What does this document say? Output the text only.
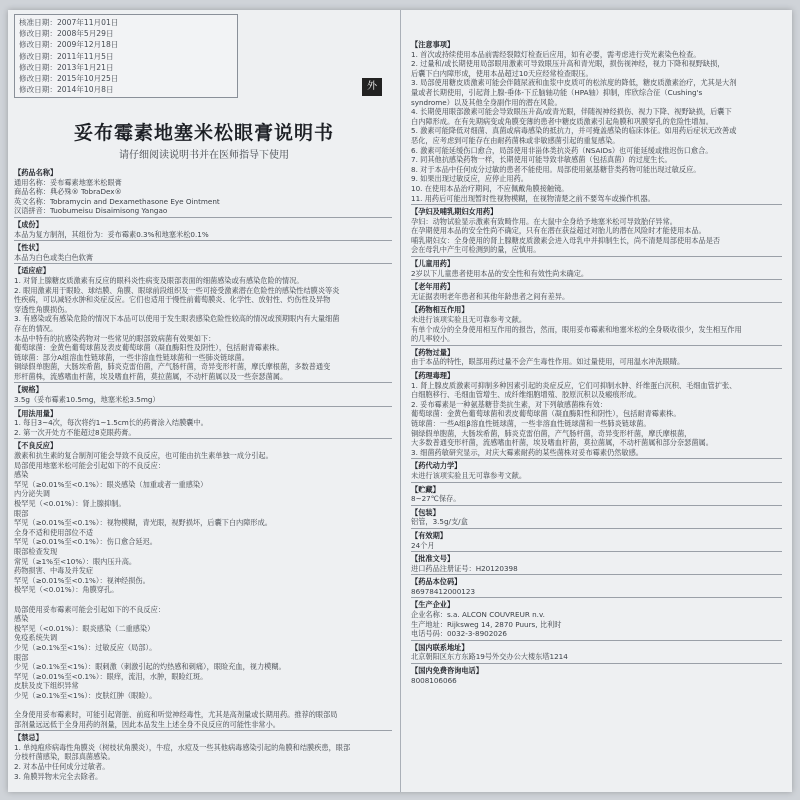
核准日期：2007年11月01日
修改日期：2008年5月29日
修改日期：2009年12月18日
修改日期：2011年11月5日
修改日期：2013年1月21日
修改日期：2015年10月25日
修改日期：2014年10月8日	外
妥布霉素地塞米松眼膏说明书
请仔细阅读说明书并在医师指导下使用
【药品名称】
通用名称：妥布霉素地塞米松眼膏
商品名称：典必殊® TobraDex®
英文名称：Tobramycin and Dexamethasone Eye Ointment
汉语拼音：Tuobumeisu Disaimisong Yangao
【成份】
本品为复方制剂，其组份为：妥布霉素0.3%和地塞米松0.1%
【性状】
本品为白色或类白色软膏
【适应症】
1. 对肾上腺糖皮质激素有反应的眼科炎性病变及眼部表面的细菌感染或有感染危险的情况。
2. 眼用激素用于眼睑、球结膜、角膜、眼球前段组织及一些可接受激素潜在危险性的感染性结膜炎等炎
性疾病，可以减轻水肿和炎症反应。它们也适用于慢性前葡萄膜炎、化学性、放射性、灼伤性及异物
穿透性角膜损伤。
3. 有感染或有感染危险的情况下本品可以使用于发生眼表感染危险性较高的情况或预期眼内有大量细菌
存在的情况。
本品中特有的抗感染药物对一些常见的眼部致病菌有效果如下：
葡萄球菌：金黄色葡萄球菌及表皮葡萄球菌（凝血酶阳性及阴性），包括耐青霉素株。
链球菌：部分A组溶血性链球菌，一些非溶血性链球菌和一些肺炎链球菌。
铜绿假单胞菌，大肠埃希菌，肺炎克雷伯菌，产气肠杆菌，奇异变形杆菌，摩氏摩根菌，多数普通变
形杆菌株，流感嗜血杆菌，埃及嗜血杆菌，莫拉菌属，不动杆菌属以及一些奈瑟菌属。
【规格】
3.5g（妥布霉素10.5mg，地塞米松3.5mg）
【用法用量】
1. 每日3~4次，每次将约1~1.5cm长的药膏涂入结膜囊中。
2. 第一次开处方不能超过8克眼药膏。
【不良反应】
激素和抗生素的复合制剂可能会导致不良反应，也可能由抗生素单独一成分引起。
局部使用地塞米松可能会引起如下的不良反应：
感染
罕见（≥0.01%至<0.1%）：眼炎感染（加重或者一重感染）
内分泌失调
极罕见（<0.01%）：肾上腺抑制。
眼部
罕见（≥0.01%至<0.1%）：视物模糊，青光眼，视野损坏，后囊下白内障形成。
全身不适和使用部位不适
罕见（≥0.01%至<0.1%）：伤口愈合延迟。
眼部检查发现
常见（≥1%至<10%）：眼内压升高。
药物损害、中毒及并发症
罕见（≥0.01%至<0.1%）：视神经损伤。
极罕见（<0.01%）：角膜穿孔。

局部使用妥布霉素可能会引起如下的不良反应：
感染
极罕见（<0.01%）：眼炎感染（二重感染）
免疫系统失调
少见（≥0.1%至<1%）：过敏反应（局部）。
眼部
少见（≥0.1%至<1%）：眼刺激（刺激引起的灼热感和刺痛），眼睑充血，视力模糊。
罕见（≥0.01%至<0.1%）：眼痒，流泪，水肿，眼睑红斑。
皮肤及皮下组织异常
少见（≥0.1%至<1%）：皮肤红肿（眼睑）。

全身使用妥布霉素时，可能引起肾脏、前庭和听觉神经毒性，尤其是高剂量或长期用药。推荐的眼部局
部剂量远远低于全身用药的剂量，因此本品发生上述全身不良反应的可能性非常小。
【禁忌】
1. 单纯疱疹病毒性角膜炎（树枝状角膜炎），牛痘，水痘及一些其他病毒感染引起的角膜和结膜疾患，眼部
分枝杆菌感染，眼部真菌感染。
2. 对本品中任何成分过敏者。
3. 角膜异物未完全去除者。
【注意事项】
1. 首次或持续使用本品前需经裂隙灯检查后应用，如有必要，需考虑进行荧光素染色检查。
2. 过量和/或长期使用局部眼用激素可导致眼压升高和青光眼，损伤视神经，视力下降和视野缺损，
后囊下白内障形成，使用本品超过10天应经常检查眼压。
3. 局部使用糖皮质激素可能会伴随尿液和血浆中皮质可的松浓度的降低，糖皮质激素治疗，尤其是大剂
量或者长期使用，引起肾上腺-垂体-下丘脑轴功能（HPA轴）抑制，库欣综合征（Cushing's
syndrome）以及其他全身副作用的潜在风险。
4. 长期使用眼部激素可能会导致眼压升高/或青光眼，伴随视神经损伤、视力下降、视野缺损，后囊下
白内障形成。在有先期病变或角膜变薄的患者中糖皮质激素引起角膜和巩膜穿孔的危险性增加。
5. 激素可能降低对细菌、真菌或病毒感染的抵抗力，并可掩盖感染的临床体征。如用药后症状无改善或
恶化，应考虑到可能存在由耐药菌株或非敏感菌引起的重复感染。
6. 激素可能延缓伤口愈合，局部使用非甾体类抗炎药（NSAIDs）也可能延缓或推迟伤口愈合。
7. 同其他抗感染药物一样，长期使用可能导致非敏感菌（包括真菌）的过度生长。
8. 对于本品中任何成分过敏的患者不能使用。局部使用氨基糖苷类药物可能出现过敏反应。
9. 如果出现过敏反应，应停止用药。
10. 在使用本品治疗期间，不应佩戴角膜接触镜。
11. 用药后可能出现暂时性视物模糊，在视物清楚之前不要驾车或操作机器。
【孕妇及哺乳期妇女用药】
孕妇：动物试验显示激素有致畸作用。在大鼠中全身给予地塞米松可导致胎仔异常。
在孕期使用本品的安全性尚不确定，只有在潜在获益超过对胎儿的潜在风险时才能使用本品。
哺乳期妇女：全身使用的肾上腺糖皮质激素会进入母乳中并抑制生长，尚不清楚局部使用本品是否
会在母乳中产生可检测到的量，应慎用。
【儿童用药】
2岁以下儿童患者使用本品的安全性和有效性尚未确定。
【老年用药】
无证据表明老年患者和其他年龄患者之间有差异。
【药物相互作用】
未进行该项实验且无可靠参考文献。
有单个成分的全身使用相互作用的报告，然而，眼用妥布霉素和地塞米松的全身吸收很少，发生相互作用
的几率较小。
【药物过量】
由于本品的特性，眼部用药过量不会产生毒性作用。如过量使用，可用温水冲洗眼睛。
【药理毒理】
1. 肾上腺皮质激素可抑制多种因素引起的炎症反应，它们可抑制水肿、纤维蛋白沉积、毛细血管扩张、
白细胞移行、毛细血管增生、成纤维细胞增殖、胶原沉积以及瘢痕形成。
2. 妥布霉素是一种氨基糖苷类抗生素，对下列敏感菌株有效：
葡萄球菌：金黄色葡萄球菌和表皮葡萄球菌（凝血酶阳性和阴性），包括耐青霉素株。
链球菌：一些A组β溶血性链球菌，一些非溶血性链球菌和一些肺炎链球菌。
铜绿假单胞菌，大肠埃希菌，肺炎克雷伯菌，产气肠杆菌，奇异变形杆菌，摩氏摩根菌，
大多数普通变形杆菌，流感嗜血杆菌，埃及嗜血杆菌，莫拉菌属，不动杆菌属和部分奈瑟菌属。
3. 细菌药敏研究显示，对庆大霉素耐药的某些菌株对妥布霉素仍然敏感。
【药代动力学】
未进行该项实验且无可靠参考文献。
【贮藏】
8~27℃保存。
【包装】
铝管，3.5g/支/盒
【有效期】
24个月
【批准文号】
进口药品注册证号：H20120398
【药品本位码】
86978412000123
【生产企业】
企业名称：s.a. ALCON COUVREUR n.v.
生产地址：Rijksweg 14, 2870 Puurs, 比利时
电话号码：0032-3-8902026
【国内联系地址】
北京朝阳区东方东路19号外交办公大楼东塔1214
【国内免费咨询电话】
8008106066
